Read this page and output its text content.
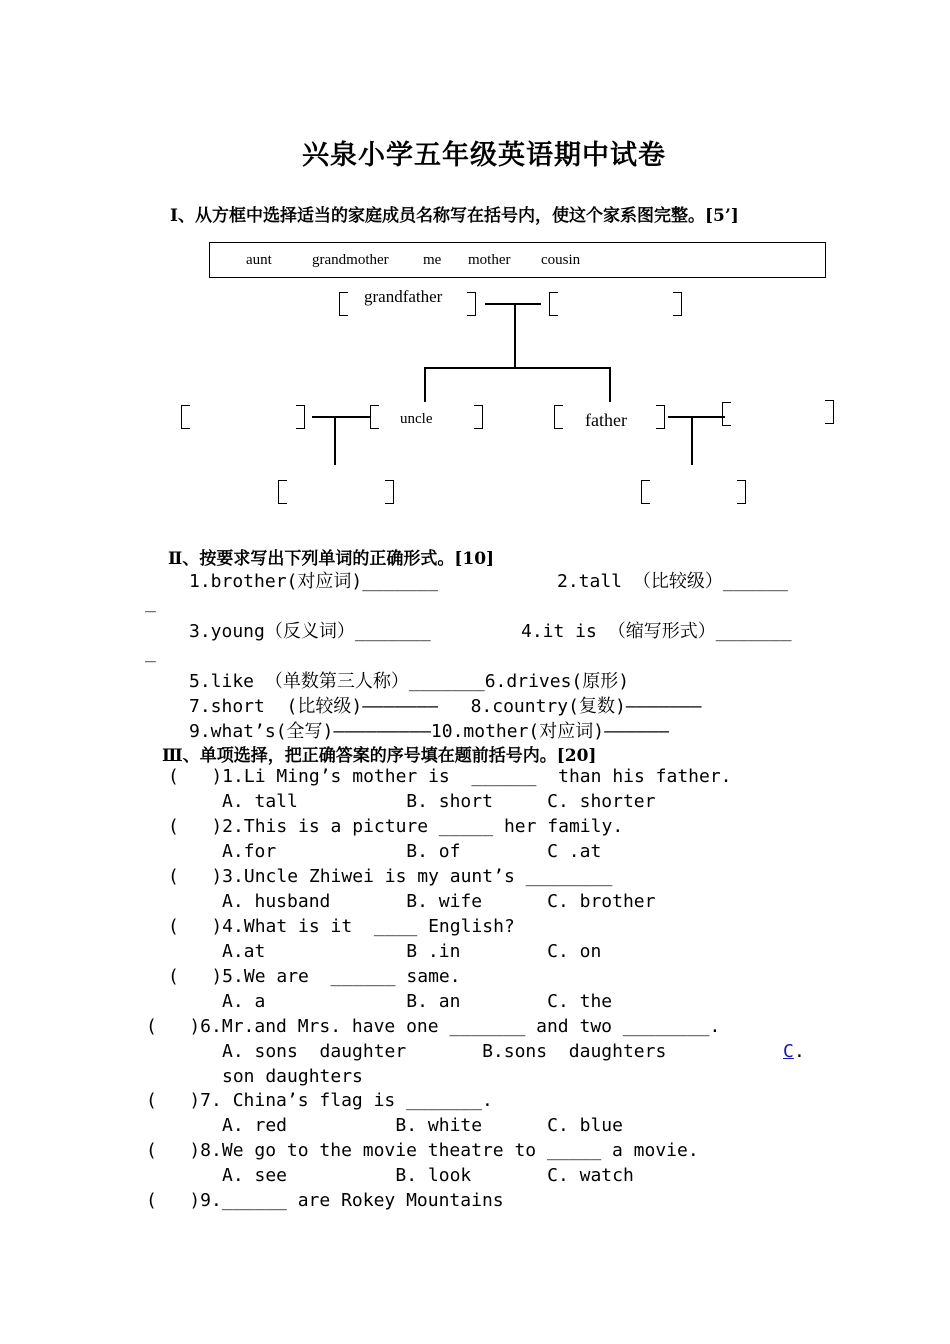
兴泉小学五年级英语期中试卷
Ⅰ、从方框中选择适当的家庭成员名称写在括号内，使这个家系图完整。[5’]
aunt	grandmother me mother cousin
grandfather
uncle	father
Ⅱ、按要求写出下列单词的正确形式。[10]
1.brother(对应词)_______	2.tall （比较级）______
_
3.young（反义词）_______	4.it is （缩写形式）_______
_
5.like （单数第三人称）_______6.drives(原形)
7.short  (比较级)———————   8.country(复数)———————
9.what’s(全写)—————————10.mother(对应词)——————
Ⅲ、单项选择，把正确答案的序号填在题前括号内。[20]
(   )1.Li Ming’s mother is  ______  than his father.
A. tall          B. short     C. shorter
(   )2.This is a picture _____ her family.
A.for            B. of        C .at
(   )3.Uncle Zhiwei is my aunt’s ________
A. husband       B. wife      C. brother
(   )4.What is it  ____ English?
A.at             B .in        C. on
(   )5.We are  ______ same.
A. a             B. an        C. the
(   )6.Mr.and Mrs. have one _______ and two ________.
A. sons  daughter       B.sons  daughters	C .
son daughters
(   )7. China’s flag is _______.
A. red          B. white      C. blue
(   )8.We go to the movie theatre to _____ a movie.
A. see          B. look       C. watch
(   )9.______ are Rokey Mountains
